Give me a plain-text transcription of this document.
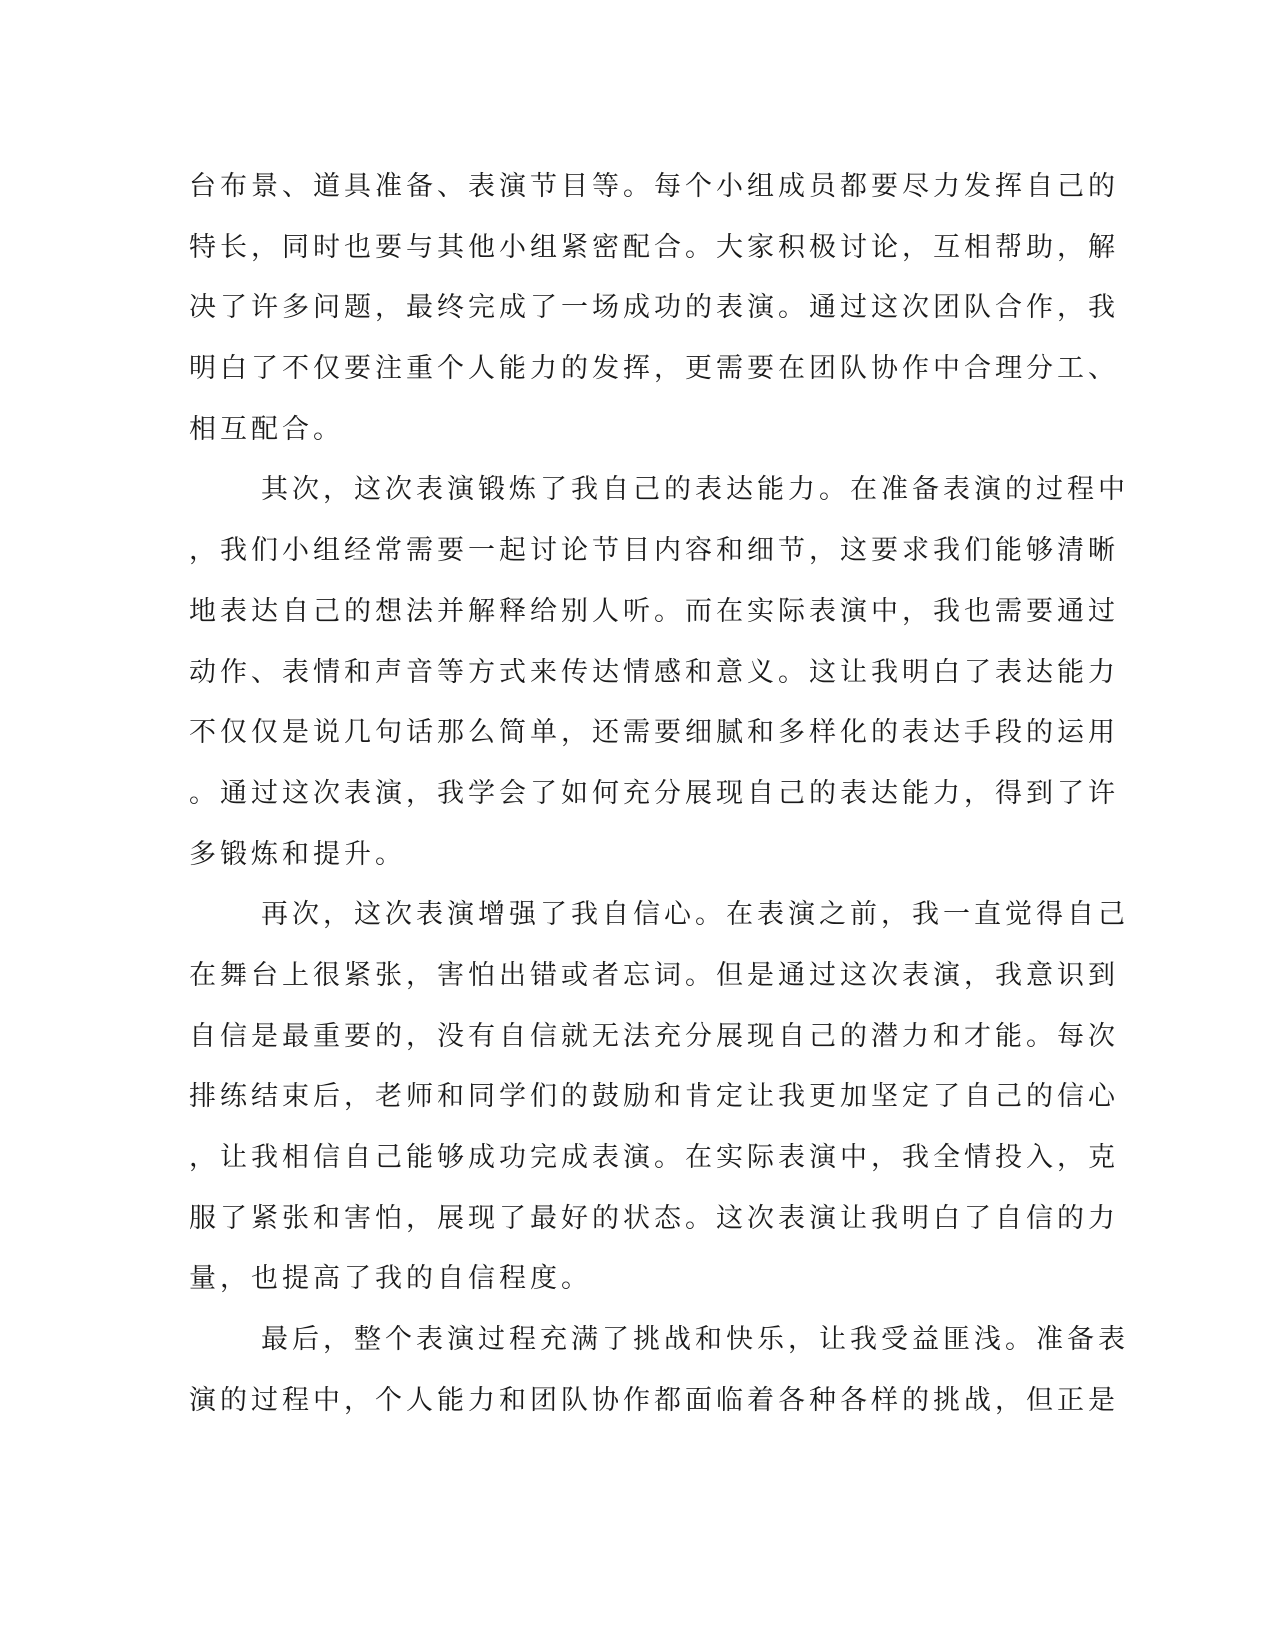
台布景、道具准备、表演节目等。每个小组成员都要尽力发挥自己的
特长，同时也要与其他小组紧密配合。大家积极讨论，互相帮助，解
决了许多问题，最终完成了一场成功的表演。通过这次团队合作，我
明白了不仅要注重个人能力的发挥，更需要在团队协作中合理分工、
相互配合。
其次，这次表演锻炼了我自己的表达能力。在准备表演的过程中
，我们小组经常需要一起讨论节目内容和细节，这要求我们能够清晰
地表达自己的想法并解释给别人听。而在实际表演中，我也需要通过
动作、表情和声音等方式来传达情感和意义。这让我明白了表达能力
不仅仅是说几句话那么简单，还需要细腻和多样化的表达手段的运用
。通过这次表演，我学会了如何充分展现自己的表达能力，得到了许
多锻炼和提升。
再次，这次表演增强了我自信心。在表演之前，我一直觉得自己
在舞台上很紧张，害怕出错或者忘词。但是通过这次表演，我意识到
自信是最重要的，没有自信就无法充分展现自己的潜力和才能。每次
排练结束后，老师和同学们的鼓励和肯定让我更加坚定了自己的信心
，让我相信自己能够成功完成表演。在实际表演中，我全情投入，克
服了紧张和害怕，展现了最好的状态。这次表演让我明白了自信的力
量，也提高了我的自信程度。
最后，整个表演过程充满了挑战和快乐，让我受益匪浅。准备表
演的过程中，个人能力和团队协作都面临着各种各样的挑战，但正是
